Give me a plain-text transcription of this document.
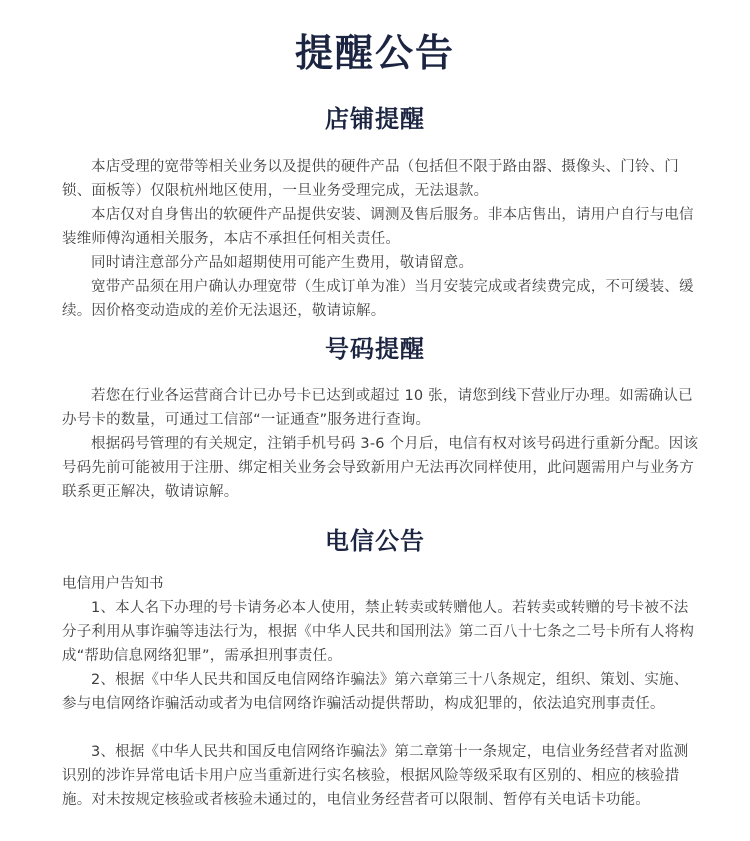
提醒公告
店铺提醒

本店受理的宽带等相关业务以及提供的硬件产品（包括但不限于路由器、摄像头、门铃、门锁、面板等）仅限杭州地区使用，一旦业务受理完成，无法退款。

本店仅对自身售出的软硬件产品提供安装、调测及售后服务。非本店售出，请用户自行与电信装维师傅沟通相关服务，本店不承担任何相关责任。

同时请注意部分产品如超期使用可能产生费用，敬请留意。

宽带产品须在用户确认办理宽带（生成订单为准）当月安装完成或者续费完成，不可缓装、缓续。因价格变动造成的差价无法退还，敬请谅解。

号码提醒

若您在行业各运营商合计已办号卡已达到或超过 10 张，请您到线下营业厅办理。如需确认已办号卡的数量，可通过工信部“一证通查”服务进行查询。

根据码号管理的有关规定，注销手机号码 3-6 个月后，电信有权对该号码进行重新分配。因该号码先前可能被用于注册、绑定相关业务会导致新用户无法再次同样使用，此问题需用户与业务方联系更正解决，敬请谅解。

电信公告

电信用户告知书

1、本人名下办理的号卡请务必本人使用，禁止转卖或转赠他人。若转卖或转赠的号卡被不法分子利用从事诈骗等违法行为，根据《中华人民共和国刑法》第二百八十七条之二号卡所有人将构成“帮助信息网络犯罪”，需承担刑事责任。

2、根据《中华人民共和国反电信网络诈骗法》第六章第三十八条规定，组织、策划、实施、参与电信网络诈骗活动或者为电信网络诈骗活动提供帮助，构成犯罪的，依法追究刑事责任。

3、根据《中华人民共和国反电信网络诈骗法》第二章第十一条规定，电信业务经营者对监测识别的涉诈异常电话卡用户应当重新进行实名核验，根据风险等级采取有区别的、相应的核验措施。对未按规定核验或者核验未通过的，电信业务经营者可以限制、暂停有关电话卡功能。
